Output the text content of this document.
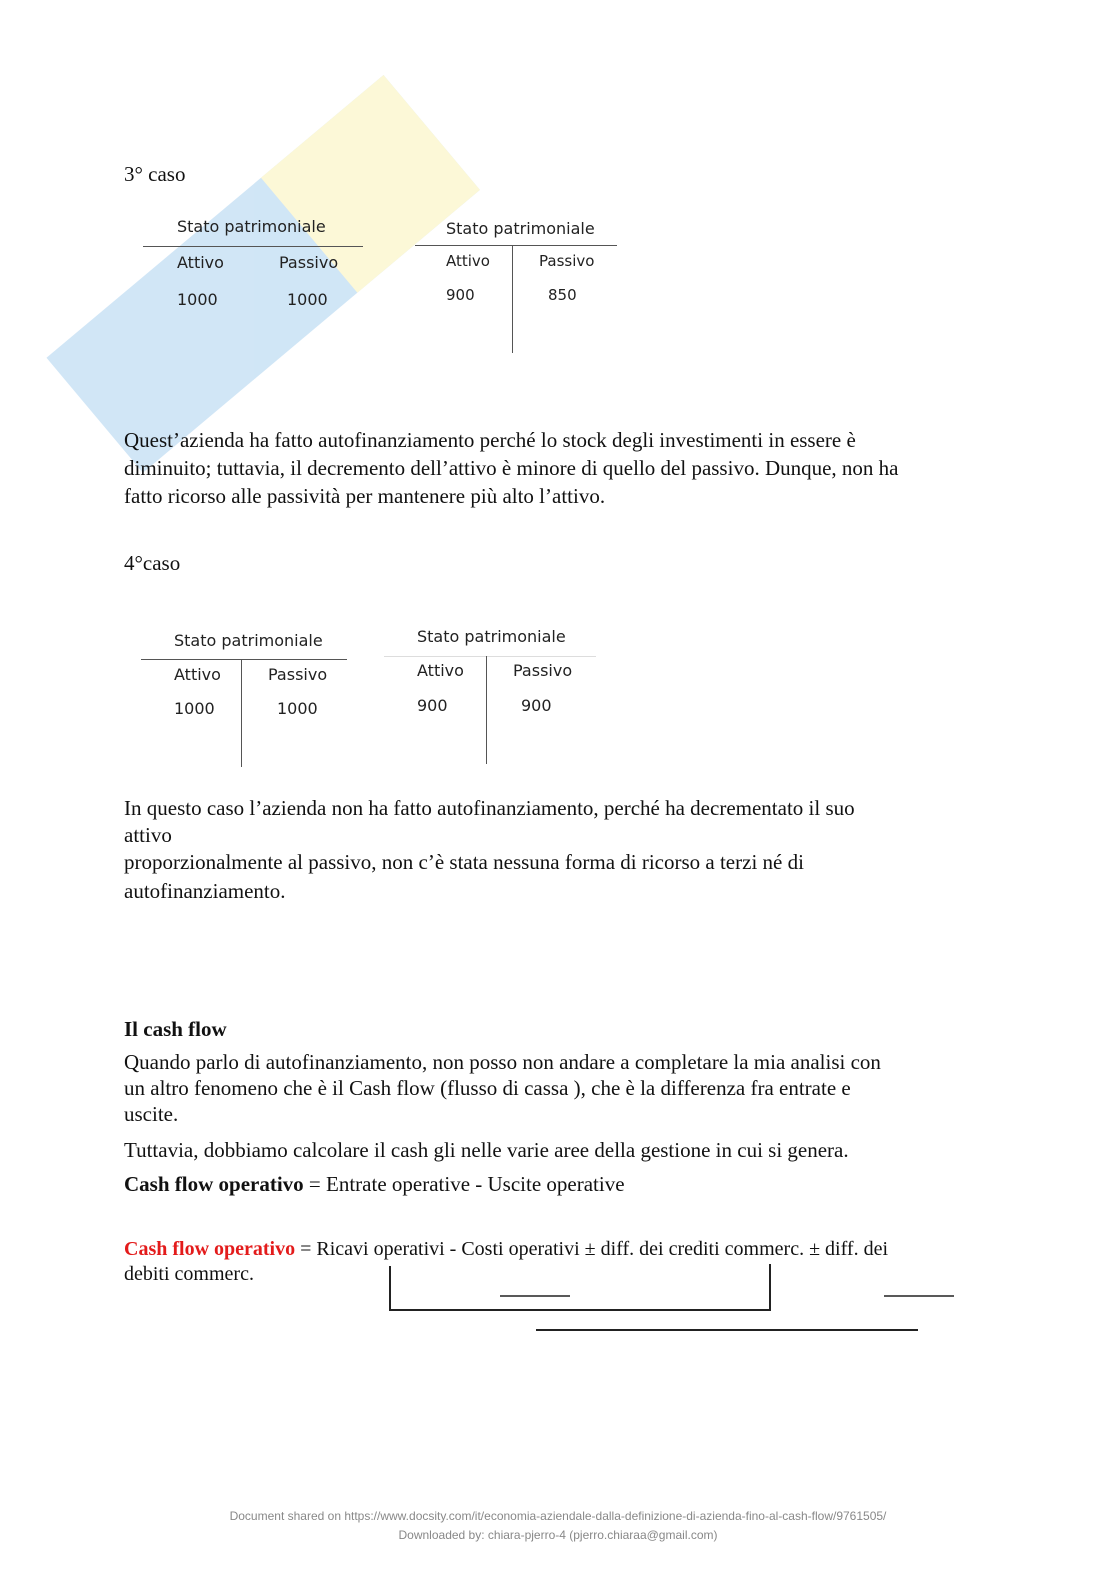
3° caso
Stato patrimoniale
Attivo	Passivo
1000	1000
Stato patrimoniale
Attivo	Passivo
900	850
Quest’azienda ha fatto autofinanziamento perché lo stock degli investimenti in essere è
diminuito; tuttavia, il decremento dell’attivo è minore di quello del passivo. Dunque, non ha
fatto ricorso alle passività per mantenere più alto l’attivo.
4°caso
Stato patrimoniale
Attivo	Passivo
1000	1000
Stato patrimoniale
Attivo	Passivo
900	900
In questo caso l’azienda non ha fatto autofinanziamento, perché ha decrementato il suo
attivo
proporzionalmente al passivo, non c’è stata nessuna forma di ricorso a terzi né di
autofinanziamento.
Il cash flow
Quando parlo di autofinanziamento, non posso non andare a completare la mia analisi con
un altro fenomeno che è il Cash flow (flusso di cassa ), che è la differenza fra entrate e
uscite.
Tuttavia, dobbiamo calcolare il cash gli nelle varie aree della gestione in cui si genera.
Cash flow operativo = Entrate operative - Uscite operative
Cash flow operativo = Ricavi operativi - Costi operativi ± diff. dei crediti commerc. ± diff. dei
debiti commerc.
Document shared on https://www.docsity.com/it/economia-aziendale-dalla-definizione-di-azienda-fino-al-cash-flow/9761505/
Downloaded by: chiara-pjerro-4 (pjerro.chiaraa@gmail.com)
